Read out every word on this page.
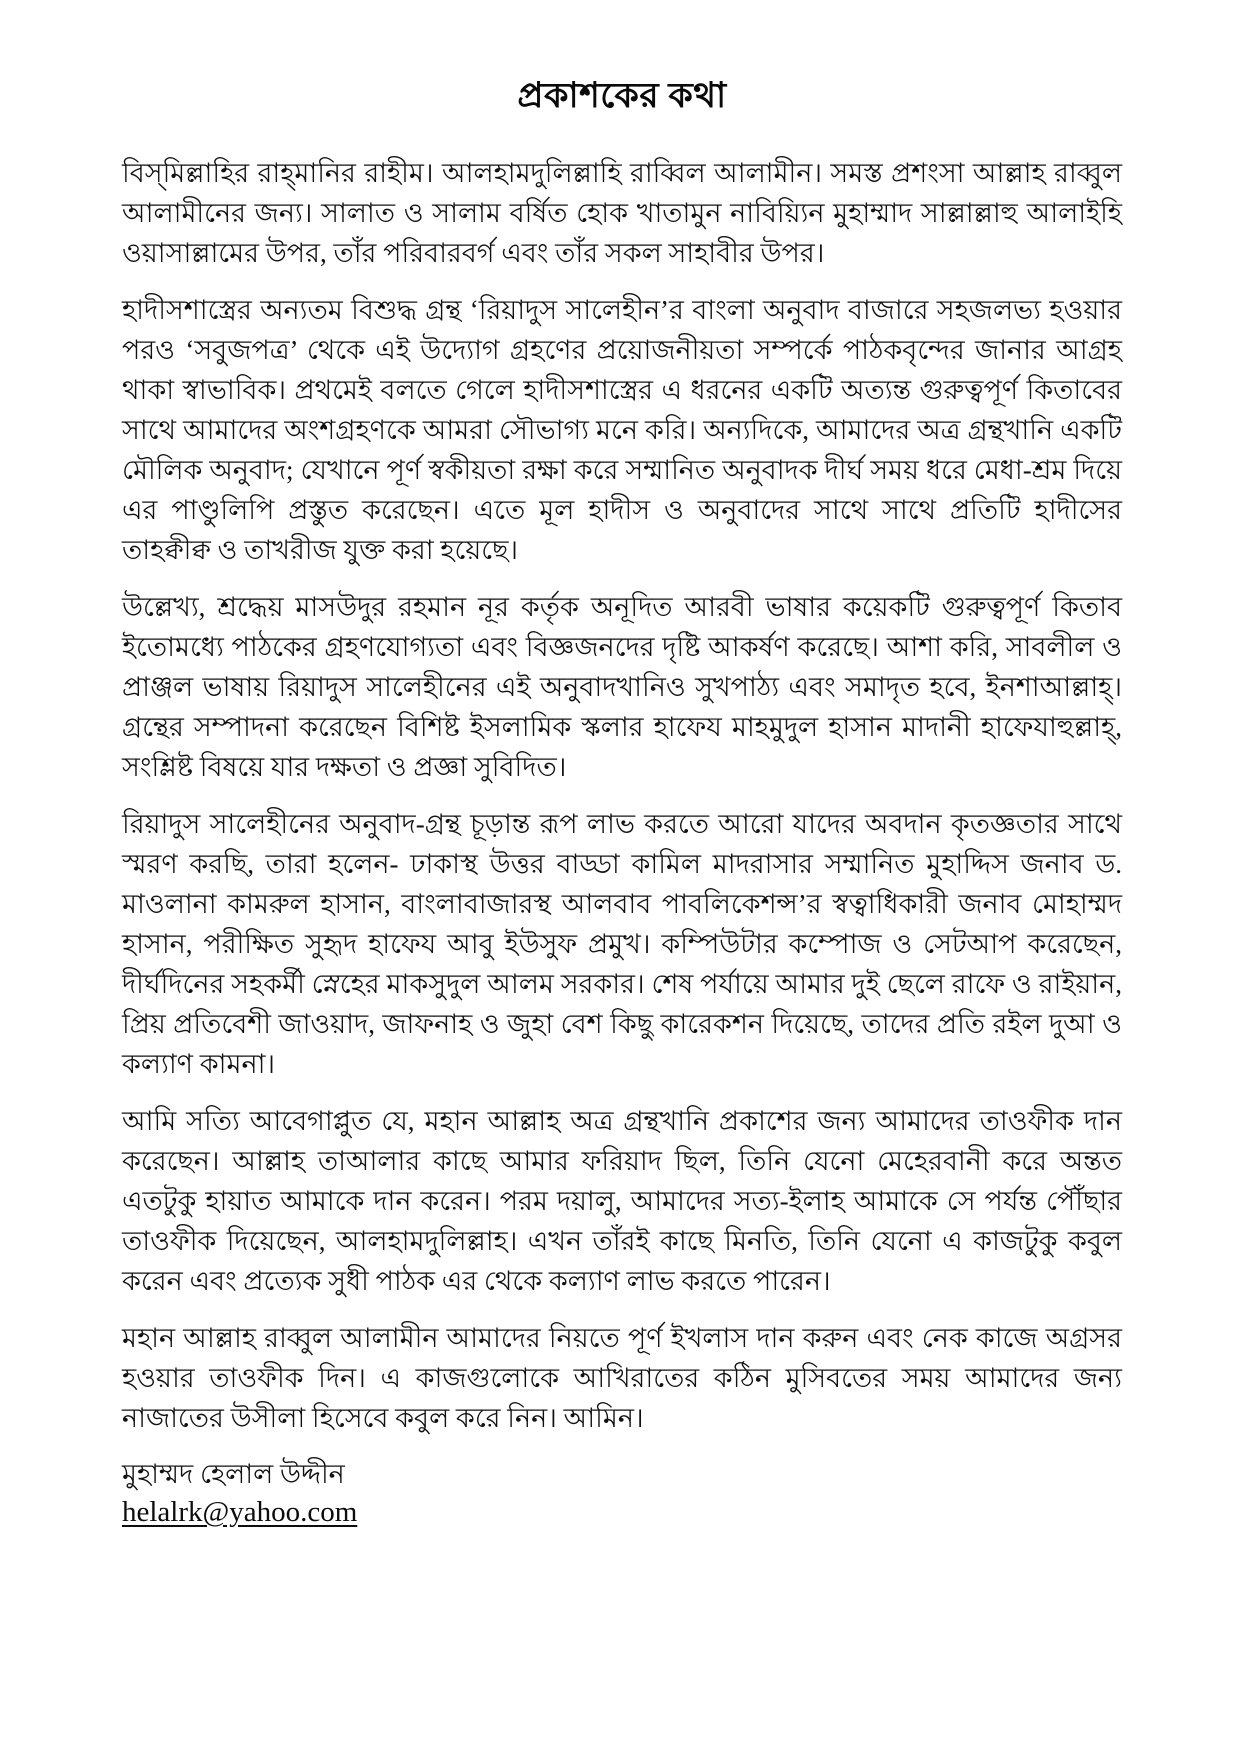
প্রকাশকের কথা

বিস্‌মিল্লাহির রাহ্‌মানির রাহীম। আলহামদুলিল্লাহি রাব্বিল আলামীন। সমস্ত প্রশংসা আল্লাহ রাব্বুল আলামীনের জন্য। সালাত ও সালাম বর্ষিত হোক খাতামুন নাবিয়্যিন মুহাম্মাদ সাল্লাল্লাহু আলাইহি ওয়াসাল্লামের উপর, তাঁর পরিবারবর্গ এবং তাঁর সকল সাহাবীর উপর।

হাদীসশাস্ত্রের অন্যতম বিশুদ্ধ গ্রন্থ ‘রিয়াদুস সালেহীন’র বাংলা অনুবাদ বাজারে সহজলভ্য হওয়ার পরও ‘সবুজপত্র’ থেকে এই উদ্যোগ গ্রহণের প্রয়োজনীয়তা সম্পর্কে পাঠকবৃন্দের জানার আগ্রহ থাকা স্বাভাবিক। প্রথমেই বলতে গেলে হাদীসশাস্ত্রের এ ধরনের একটি অত্যন্ত গুরুত্বপূর্ণ কিতাবের সাথে আমাদের অংশগ্রহণকে আমরা সৌভাগ্য মনে করি। অন্যদিকে, আমাদের অত্র গ্রন্থখানি একটি মৌলিক অনুবাদ; যেখানে পূর্ণ স্বকীয়তা রক্ষা করে সম্মানিত অনুবাদক দীর্ঘ সময় ধরে মেধা-শ্রম দিয়ে এর পাণ্ডুলিপি প্রস্তুত করেছেন। এতে মূল হাদীস ও অনুবাদের সাথে সাথে প্রতিটি হাদীসের তাহক্বীক্ব ও তাখরীজ যুক্ত করা হয়েছে।

উল্লেখ্য, শ্রদ্ধেয় মাসউদুর রহমান নূর কর্তৃক অনূদিত আরবী ভাষার কয়েকটি গুরুত্বপূর্ণ কিতাব ইতোমধ্যে পাঠকের গ্রহণযোগ্যতা এবং বিজ্ঞজনদের দৃষ্টি আকর্ষণ করেছে। আশা করি, সাবলীল ও প্রাঞ্জল ভাষায় রিয়াদুস সালেহীনের এই অনুবাদখানিও সুখপাঠ্য এবং সমাদৃত হবে, ইনশাআল্লাহ্‌। গ্রন্থের সম্পাদনা করেছেন বিশিষ্ট ইসলামিক স্কলার হাফেয মাহমুদুল হাসান মাদানী হাফেযাহুল্লাহ্‌, সংশ্লিষ্ট বিষয়ে যার দক্ষতা ও প্রজ্ঞা সুবিদিত।

রিয়াদুস সালেহীনের অনুবাদ-গ্রন্থ চূড়ান্ত রূপ লাভ করতে আরো যাদের অবদান কৃতজ্ঞতার সাথে স্মরণ করছি, তারা হলেন- ঢাকাস্থ উত্তর বাড্ডা কামিল মাদরাসার সম্মানিত মুহাদ্দিস জনাব ড. মাওলানা কামরুল হাসান, বাংলাবাজারস্থ আলবাব পাবলিকেশন্স’র স্বত্বাধিকারী জনাব মোহাম্মদ হাসান, পরীক্ষিত সুহৃদ হাফেয আবু ইউসুফ প্রমুখ। কম্পিউটার কম্পোজ ও সেটআপ করেছেন, দীর্ঘদিনের সহকর্মী স্নেহের মাকসুদুল আলম সরকার। শেষ পর্যায়ে আমার দুই ছেলে রাফে ও রাইয়ান, প্রিয় প্রতিবেশী জাওয়াদ, জাফনাহ ও জুহা বেশ কিছু কারেকশন দিয়েছে, তাদের প্রতি রইল দুআ ও কল্যাণ কামনা।

আমি সত্যি আবেগাপ্লুত যে, মহান আল্লাহ অত্র গ্রন্থখানি প্রকাশের জন্য আমাদের তাওফীক দান করেছেন। আল্লাহ তাআলার কাছে আমার ফরিয়াদ ছিল, তিনি যেনো মেহেরবানী করে অন্তত এতটুকু হায়াত আমাকে দান করেন। পরম দয়ালু, আমাদের সত্য-ইলাহ আমাকে সে পর্যন্ত পৌঁছার তাওফীক দিয়েছেন, আলহামদুলিল্লাহ। এখন তাঁরই কাছে মিনতি, তিনি যেনো এ কাজটুকু কবুল করেন এবং প্রত্যেক সুধী পাঠক এর থেকে কল্যাণ লাভ করতে পারেন।

মহান আল্লাহ রাব্বুল আলামীন আমাদের নিয়তে পূর্ণ ইখলাস দান করুন এবং নেক কাজে অগ্রসর হওয়ার তাওফীক দিন। এ কাজগুলোকে আখিরাতের কঠিন মুসিবতের সময় আমাদের জন্য নাজাতের উসীলা হিসেবে কবুল করে নিন। আমিন।

মুহাম্মদ হেলাল উদ্দীন
helalrk@yahoo.com
